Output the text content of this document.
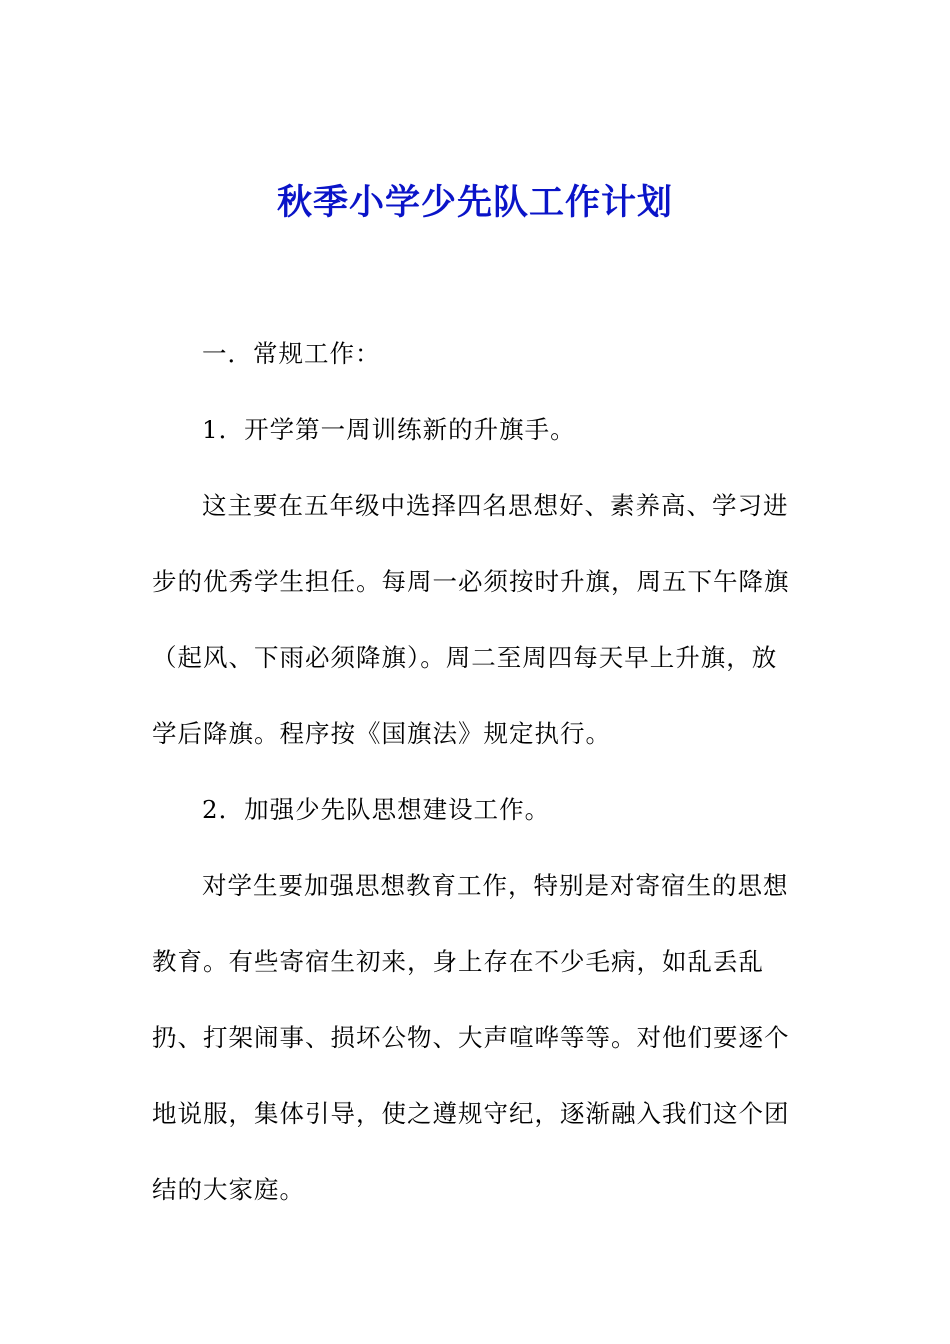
秋季小学少先队工作计划
一．常规工作：
1．开学第一周训练新的升旗手。
这主要在五年级中选择四名思想好、素养高、学习进
步的优秀学生担任。每周一必须按时升旗，周五下午降旗
（起风、下雨必须降旗）。周二至周四每天早上升旗，放
学后降旗。程序按《国旗法》规定执行。
2．加强少先队思想建设工作。
对学生要加强思想教育工作，特别是对寄宿生的思想
教育。有些寄宿生初来，身上存在不少毛病，如乱丢乱
扔、打架闹事、损坏公物、大声喧哗等等。对他们要逐个
地说服，集体引导，使之遵规守纪，逐渐融入我们这个团
结的大家庭。
